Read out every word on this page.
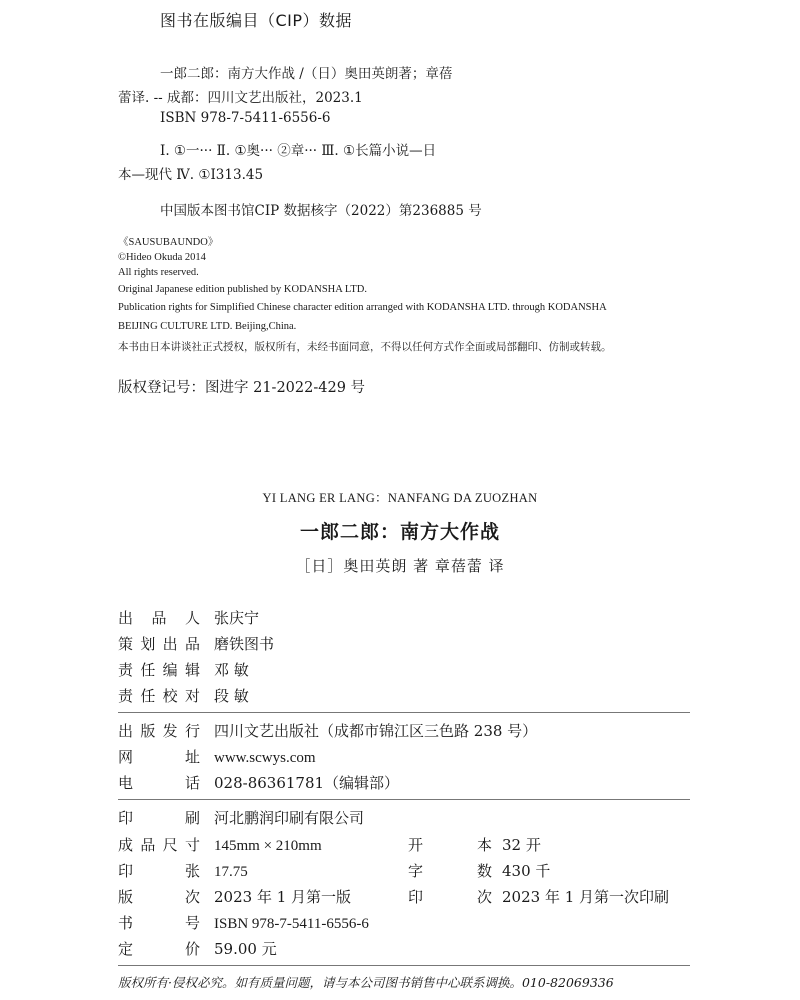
图书在版编目（CIP）数据
一郎二郎：南方大作战 /（日）奥田英朗著；章蓓
蕾译. -- 成都：四川文艺出版社，2023.1
ISBN 978-7-5411-6556-6
Ⅰ. ①一··· Ⅱ. ①奥··· ②章··· Ⅲ. ①长篇小说—日
本—现代 Ⅳ. ①I313.45
中国版本图书馆CIP 数据核字（2022）第236885 号
《SAUSUBAUNDO》
©Hideo Okuda 2014
All rights reserved.
Original Japanese edition published by KODANSHA LTD.
Publication rights for Simplified Chinese character edition arranged with KODANSHA LTD. through KODANSHA
BEIJING CULTURE LTD. Beijing,China.
本书由日本讲谈社正式授权，版权所有，未经书面同意，不得以任何方式作全面或局部翻印、仿制或转载。
版权登记号：图进字 21-2022-429 号
YI LANG ER LANG：NANFANG DA ZUOZHAN
一郎二郎：南方大作战
［日］奥田英朗 著 章蓓蕾 译
出品人 张庆宁
策划出品 磨铁图书
责任编辑 邓 敏
责任校对 段 敏
出版发行 四川文艺出版社（成都市锦江区三色路 238 号）
网址 www.scwys.com
电话 028-86361781（编辑部）
印刷 河北鹏润印刷有限公司
成品尺寸 145mm × 210mm	开本 32 开
印张 17.75	字数 430 千
版次 2023 年 1 月第一版	印次 2023 年 1 月第一次印刷
书号 ISBN 978-7-5411-6556-6
定价 59.00 元
版权所有·侵权必究。如有质量问题，请与本公司图书销售中心联系调换。010-82069336
